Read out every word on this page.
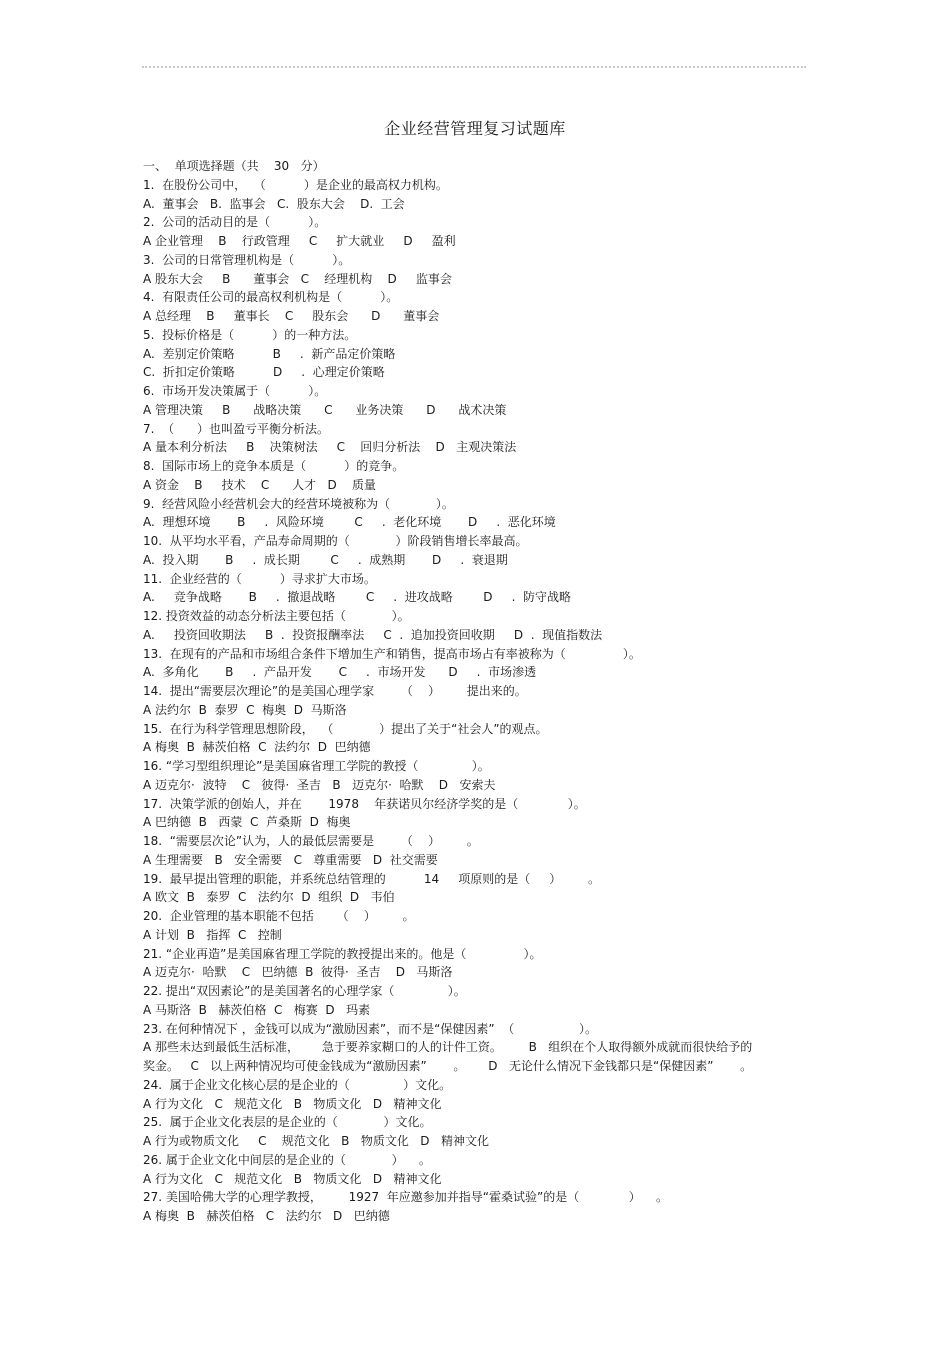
企业经营管理复习试题库
一、  单项选择题（共    30   分）
1.  在股份公司中，  （          ）是企业的最高权力机构。
A.  董事会   B.  监事会   C.  股东大会    D.  工会
2.  公司的活动目的是（          ）。
A 企业管理    B    行政管理     C     扩大就业     D     盈利
3.  公司的日常管理机构是（          ）。
A 股东大会     B      董事会   C    经理机构    D     监事会
4.  有限责任公司的最高权利机构是（          ）。
A 总经理    B     董事长    C     股东会      D      董事会
5.  投标价格是（          ）的一种方法。
A.  差别定价策略          B     .  新产品定价策略
C.  折扣定价策略          D     .  心理定价策略
6.  市场开发决策属于（          ）。
A 管理决策     B      战略决策      C      业务决策      D      战术决策
7.  （      ）也叫盈亏平衡分析法。
A 量本利分析法     B    决策树法     C    回归分析法    D   主观决策法
8.  国际市场上的竞争本质是（          ）的竞争。
A 资金    B     技术    C      人才   D    质量
9.  经营风险小经营机会大的经营环境被称为（            ）。
A.  理想环境       B     .  风险环境        C     .  老化环境       D     .  恶化环境
10.  从平均水平看，产品寿命周期的（            ）阶段销售增长率最高。
A.  投入期       B     .  成长期        C     .  成熟期       D     .  衰退期
11.  企业经营的（          ）寻求扩大市场。
A.     竞争战略       B     .  撤退战略        C     .  进攻战略        D     .  防守战略
12. 投资效益的动态分析法主要包括（            ）。
A.     投资回收期法     B  .  投资报酬率法     C  .  追加投资回收期     D  .  现值指数法
13.  在现有的产品和市场组合条件下增加生产和销售，提高市场占有率被称为（               ）。
A.  多角化       B     .  产品开发       C     .  市场开发      D     .  市场渗透
14.  提出“需要层次理论”的是美国心理学家       （    ）       提出来的。
A 法约尔  B  泰罗  C  梅奥  D  马斯洛
15.  在行为科学管理思想阶段，  （            ）提出了关于“社会人”的观点。
A 梅奥  B  赫茨伯格  C  法约尔  D  巴纳德
16. “学习型组织理论”是美国麻省理工学院的教授（              ）。
A 迈克尔·  波特    C   彼得·  圣吉   B   迈克尔·  哈默    D   安索夫
17.  决策学派的创始人，并在       1978    年获诺贝尔经济学奖的是（             ）。
A 巴纳德  B   西蒙  C  芦桑斯  D  梅奥
18.  “需要层次论”认为，人的最低层需要是       （    ）       。
A 生理需要   B   安全需要   C   尊重需要   D  社交需要
19.  最早提出管理的职能，并系统总结管理的          14     项原则的是（     ）       。
A 欧文  B   泰罗  C   法约尔  D  组织  D   韦伯
20.  企业管理的基本职能不包括      （    ）       。
A 计划  B   指挥  C   控制
21. “企业再造”是美国麻省理工学院的教授提出来的。他是（               ）。
A 迈克尔·  哈默    C   巴纳德  B  彼得·  圣吉    D   马斯洛
22. 提出“双因素论”的是美国著名的心理学家（              ）。
A 马斯洛  B   赫茨伯格  C   梅赛  D   玛素
23. 在何种情况下 ，金钱可以成为“激励因素”，而不是“保健因素”  （                 ）。
A 那些未达到最低生活标准，      急于要养家糊口的人的计件工资。       B   组织在个人取得额外成就而很快给予的
奖金。   C   以上两种情况均可使金钱成为“激励因素”       。      D   无论什么情况下金钱都只是“保健因素”       。
24.  属于企业文化核心层的是企业的（              ）文化。
A 行为文化   C   规范文化   B   物质文化   D   精神文化
25.  属于企业文化表层的是企业的（            ）文化。
A 行为或物质文化     C    规范文化   B   物质文化   D   精神文化
26. 属于企业文化中间层的是企业的（            ）    。
A 行为文化   C   规范文化   B   物质文化   D   精神文化
27. 美国哈佛大学的心理学教授，       1927  年应邀参加并指导“霍桑试验”的是（             ）    。
A 梅奥  B   赫茨伯格   C   法约尔   D   巴纳德
